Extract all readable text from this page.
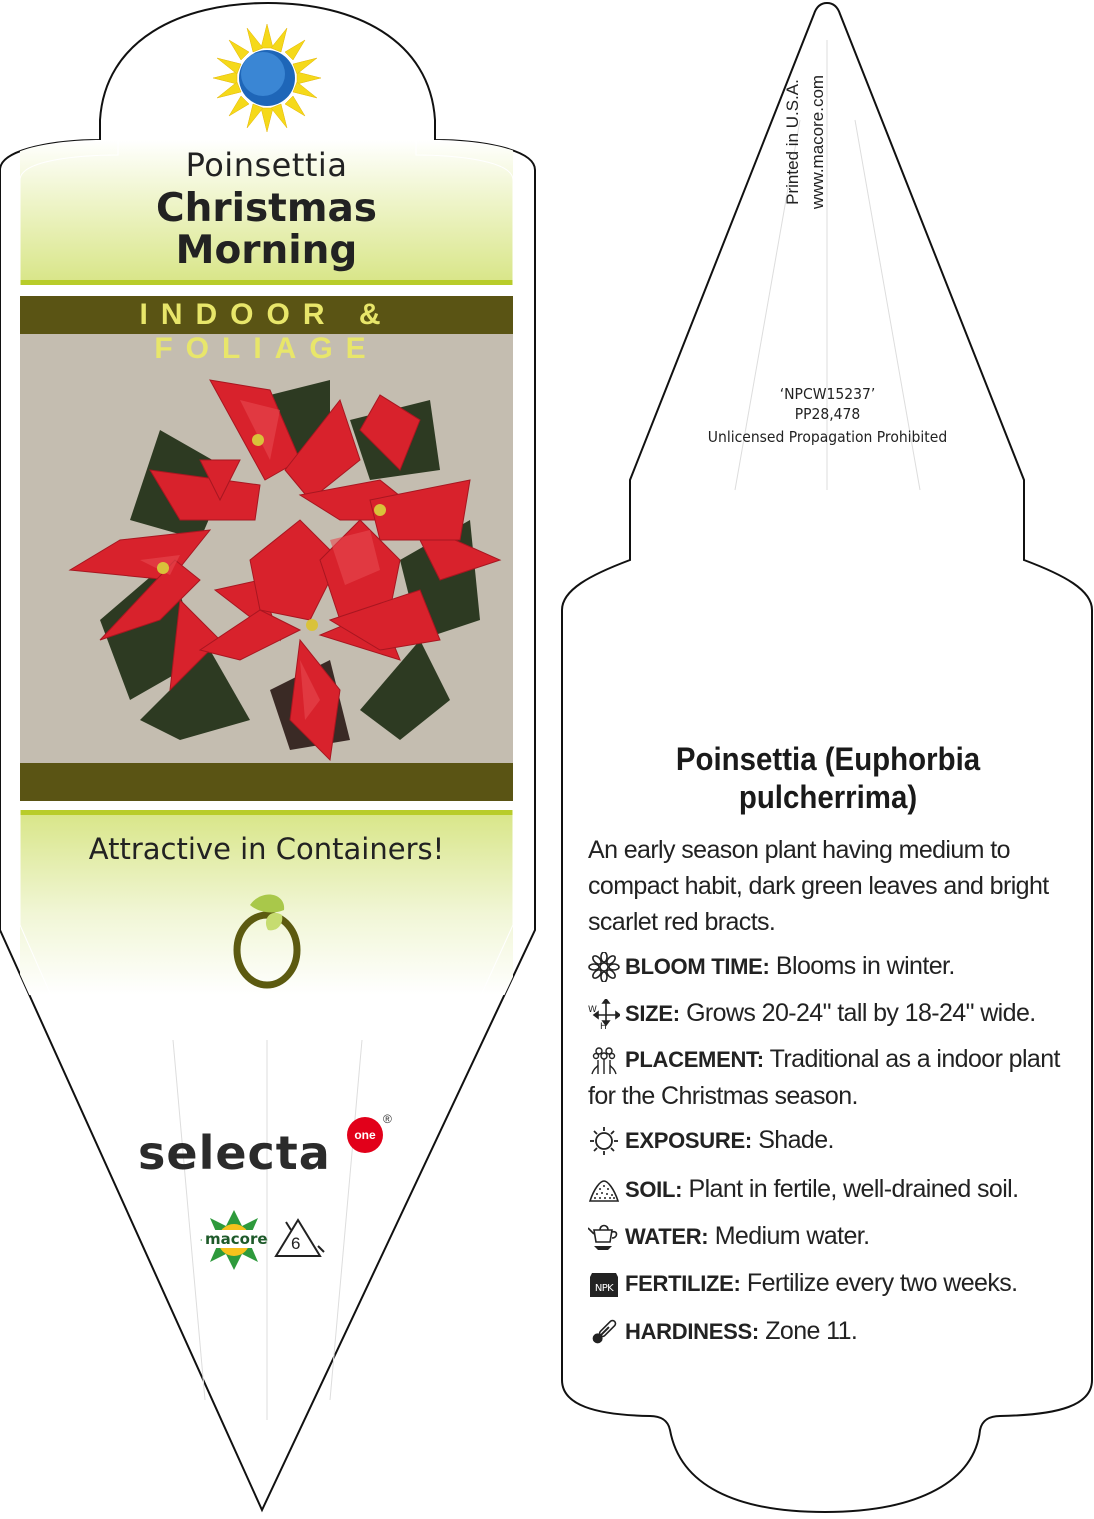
Poinsettia
Christmas
Morning
INDOOR & FOLIAGE
Attractive in Containers!
selecta	one
®
macore 6
Printed in U.S.A. www.macore.com
‘NPCW15237’
PP28,478
Unlicensed Propagation Prohibited
Poinsettia (Euphorbia pulcherrima)
An early season plant having medium to compact habit, dark green leaves and bright scarlet red bracts.
BLOOM TIME: Blooms in winter.
W
H
SIZE: Grows 20-24" tall by 18-24" wide.
PLACEMENT: Traditional as a indoor plant for the Christmas season.
EXPOSURE: Shade.
SOIL: Plant in fertile, well-drained soil.
WATER: Medium water.
NPK FERTILIZE: Fertilize every two weeks.
HARDINESS: Zone 11.
